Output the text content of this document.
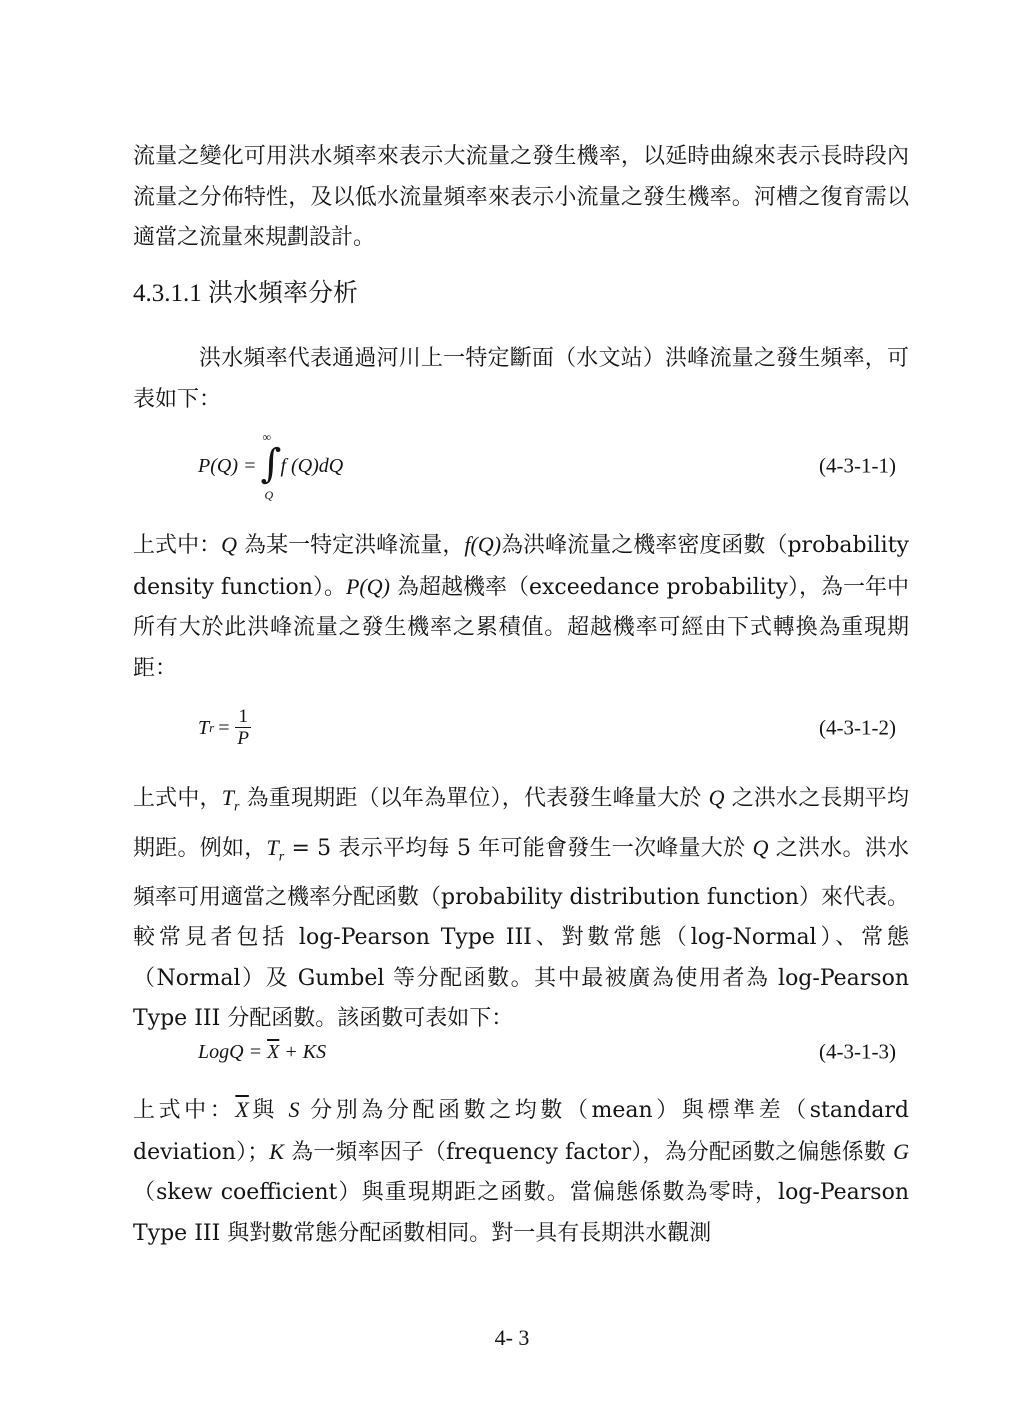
流量之變化可用洪水頻率來表示大流量之發生機率，以延時曲線來表示長時段內流量之分佈特性，及以低水流量頻率來表示小流量之發生機率。河槽之復育需以適當之流量來規劃設計。

4.3.1.1 洪水頻率分析

洪水頻率代表通過河川上一特定斷面（水文站）洪峰流量之發生頻率，可表如下：

P(Q) =
∞
∫
Q
f (Q)dQ	(4-3-1-1)

上式中：Q 為某一特定洪峰流量，f(Q)為洪峰流量之機率密度函數（probability density function）。P(Q) 為超越機率（exceedance probability），為一年中所有大於此洪峰流量之發生機率之累積值。超越機率可經由下式轉換為重現期距：

T $r = \frac{1}{P}$	(4-3-1-2)

上式中，$T_r$ 為重現期距（以年為單位），代表發生峰量大於 Q 之洪水之長期平均期距。例如，$T_r = 5$ 表示平均每 5 年可能會發生一次峰量大於 Q 之洪水。洪水頻率可用適當之機率分配函數（probability distribution function）來代表。較常見者包括 log-Pearson Type III、對數常態（log-Normal）、常態（Normal）及 Gumbel 等分配函數。其中最被廣為使用者為 log-Pearson Type III 分配函數。該函數可表如下：

LogQ =
$\overline{X}$
+ KS	(4-3-1-3)

上式中：$\overline{X}$與 S 分別為分配函數之均數（mean）與標準差（standard deviation）；K 為一頻率因子（frequency factor），為分配函數之偏態係數 G（skew coefficient）與重現期距之函數。當偏態係數為零時，log-Pearson Type III 與對數常態分配函數相同。對一具有長期洪水觀測

4- 3
